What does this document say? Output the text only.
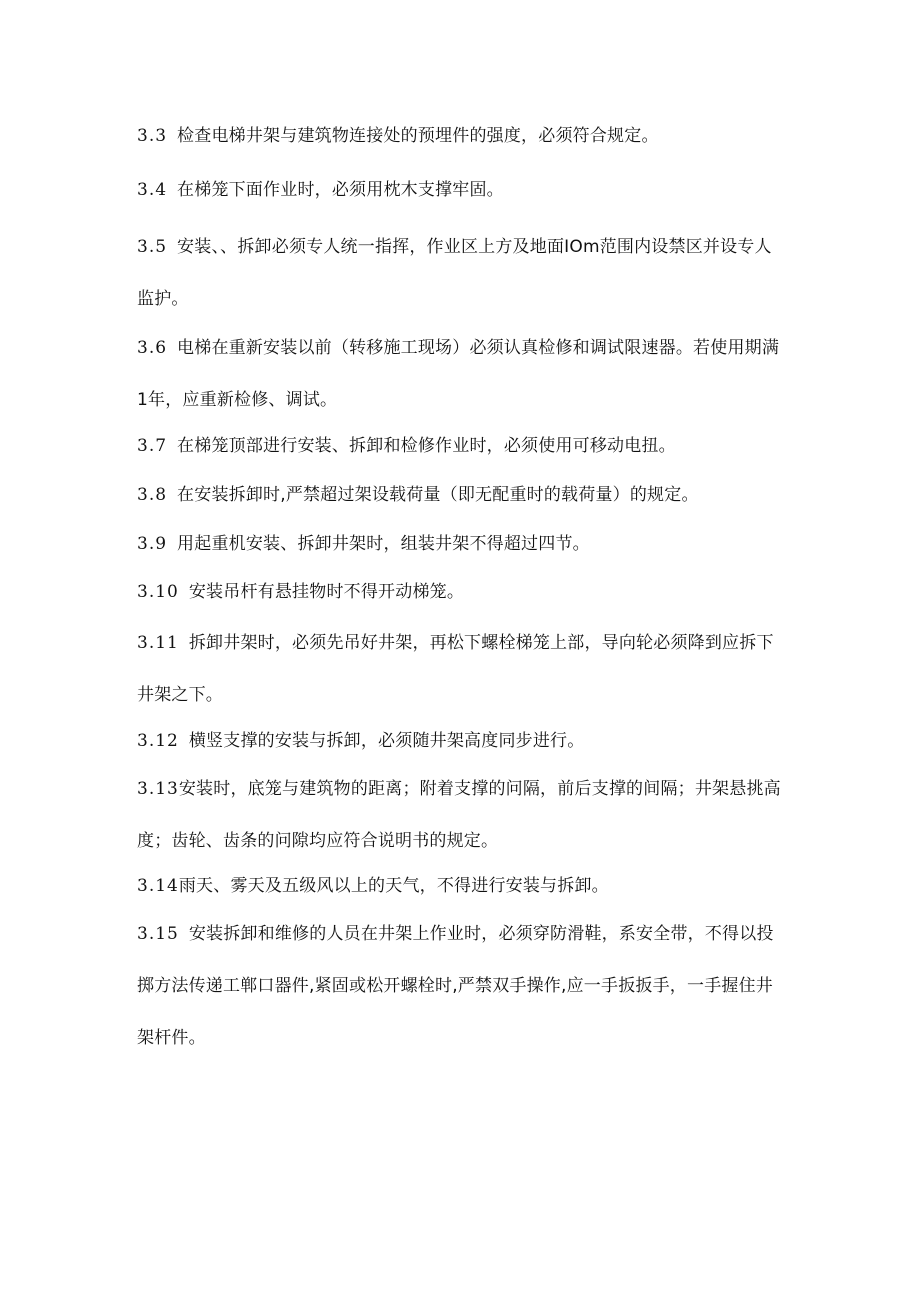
3.3 检查电梯井架与建筑物连接处的预埋件的强度，必须符合规定。
3.4 在梯笼下面作业时，必须用枕木支撑牢固。
3.5 安装、、拆卸必须专人统一指挥，作业区上方及地面IOm范围内设禁区并设专人监护。
3.6 电梯在重新安装以前（转移施工现场）必须认真检修和调试限速器。若使用期满1年，应重新检修、调试。
3.7 在梯笼顶部进行安装、拆卸和检修作业时，必须使用可移动电扭。
3.8 在安装拆卸时,严禁超过架设载荷量（即无配重时的载荷量）的规定。
3.9 用起重机安装、拆卸井架时，组装井架不得超过四节。
3.10 安装吊杆有悬挂物时不得开动梯笼。
3.11 拆卸井架时，必须先吊好井架，再松下螺栓梯笼上部，导向轮必须降到应拆下井架之下。
3.12 横竖支撑的安装与拆卸，必须随井架高度同步进行。
3.13安装时，底笼与建筑物的距离；附着支撑的问隔，前后支撑的间隔；井架悬挑高度；齿轮、齿条的问隙均应符合说明书的规定。
3.14雨天、雾天及五级风以上的天气，不得进行安装与拆卸。
3.15 安装拆卸和维修的人员在井架上作业时，必须穿防滑鞋，系安全带，不得以投掷方法传递工郸口器件,紧固或松开螺栓时,严禁双手操作,应一手扳扳手，一手握住井架杆件。
